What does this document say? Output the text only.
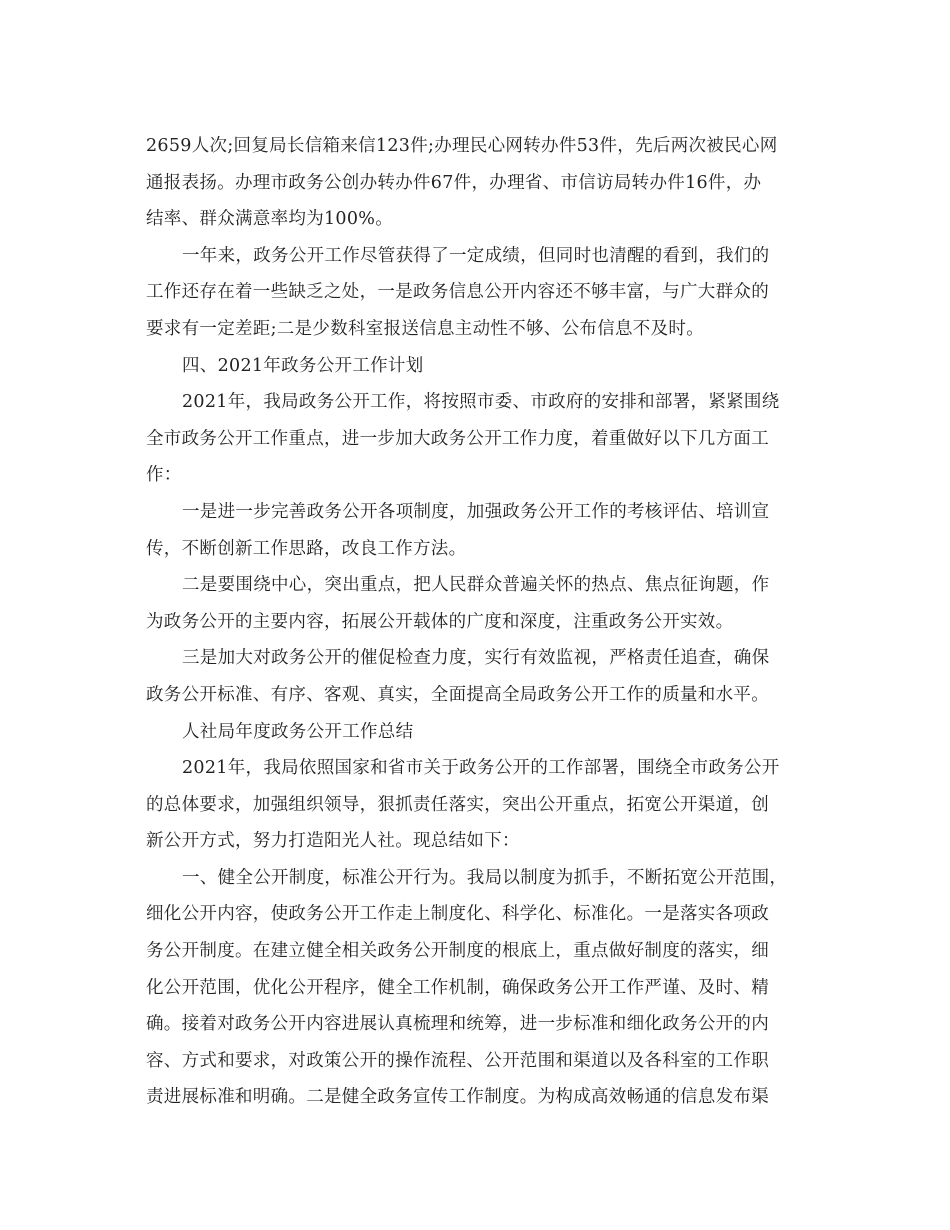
2659人次;回复局长信箱来信123件;办理民心网转办件53件，先后两次被民心网
通报表扬。办理市政务公创办转办件67件，办理省、市信访局转办件16件，办
结率、群众满意率均为100%。
一年来，政务公开工作尽管获得了一定成绩，但同时也清醒的看到，我们的
工作还存在着一些缺乏之处，一是政务信息公开内容还不够丰富，与广大群众的
要求有一定差距;二是少数科室报送信息主动性不够、公布信息不及时。
四、2021年政务公开工作计划
2021年，我局政务公开工作，将按照市委、市政府的安排和部署，紧紧围绕
全市政务公开工作重点，进一步加大政务公开工作力度，着重做好以下几方面工
作：
一是进一步完善政务公开各项制度，加强政务公开工作的考核评估、培训宣
传，不断创新工作思路，改良工作方法。
二是要围绕中心，突出重点，把人民群众普遍关怀的热点、焦点征询题，作
为政务公开的主要内容，拓展公开载体的广度和深度，注重政务公开实效。
三是加大对政务公开的催促检查力度，实行有效监视，严格责任追查，确保
政务公开标准、有序、客观、真实，全面提高全局政务公开工作的质量和水平。
人社局年度政务公开工作总结
2021年，我局依照国家和省市关于政务公开的工作部署，围绕全市政务公开
的总体要求，加强组织领导，狠抓责任落实，突出公开重点，拓宽公开渠道，创
新公开方式，努力打造阳光人社。现总结如下：
一、健全公开制度，标准公开行为。我局以制度为抓手，不断拓宽公开范围，
细化公开内容，使政务公开工作走上制度化、科学化、标准化。一是落实各项政
务公开制度。在建立健全相关政务公开制度的根底上，重点做好制度的落实，细
化公开范围，优化公开程序，健全工作机制，确保政务公开工作严谨、及时、精
确。接着对政务公开内容进展认真梳理和统筹，进一步标准和细化政务公开的内
容、方式和要求，对政策公开的操作流程、公开范围和渠道以及各科室的工作职
责进展标准和明确。二是健全政务宣传工作制度。为构成高效畅通的信息发布渠
